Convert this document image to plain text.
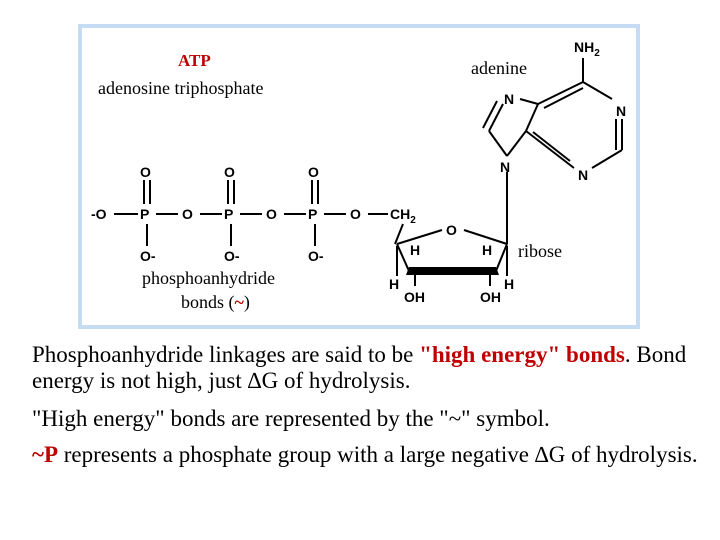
ATP
adenosine triphosphate
adenine
ribose
phosphoanhydride
bonds (~)
-O P	P	P
O	O	O
O	O	O
O-	O-	O-
$CH_2$
O
H	H
H	H
OH	OH
N
N
N
N
$NH_2$

Phosphoanhydride linkages are said to be "high energy" bonds. Bond energy is not high, just ∆G of hydrolysis.

"High energy" bonds are represented by the "~" symbol.

~P represents a phosphate group with a large negative ∆G of hydrolysis.
